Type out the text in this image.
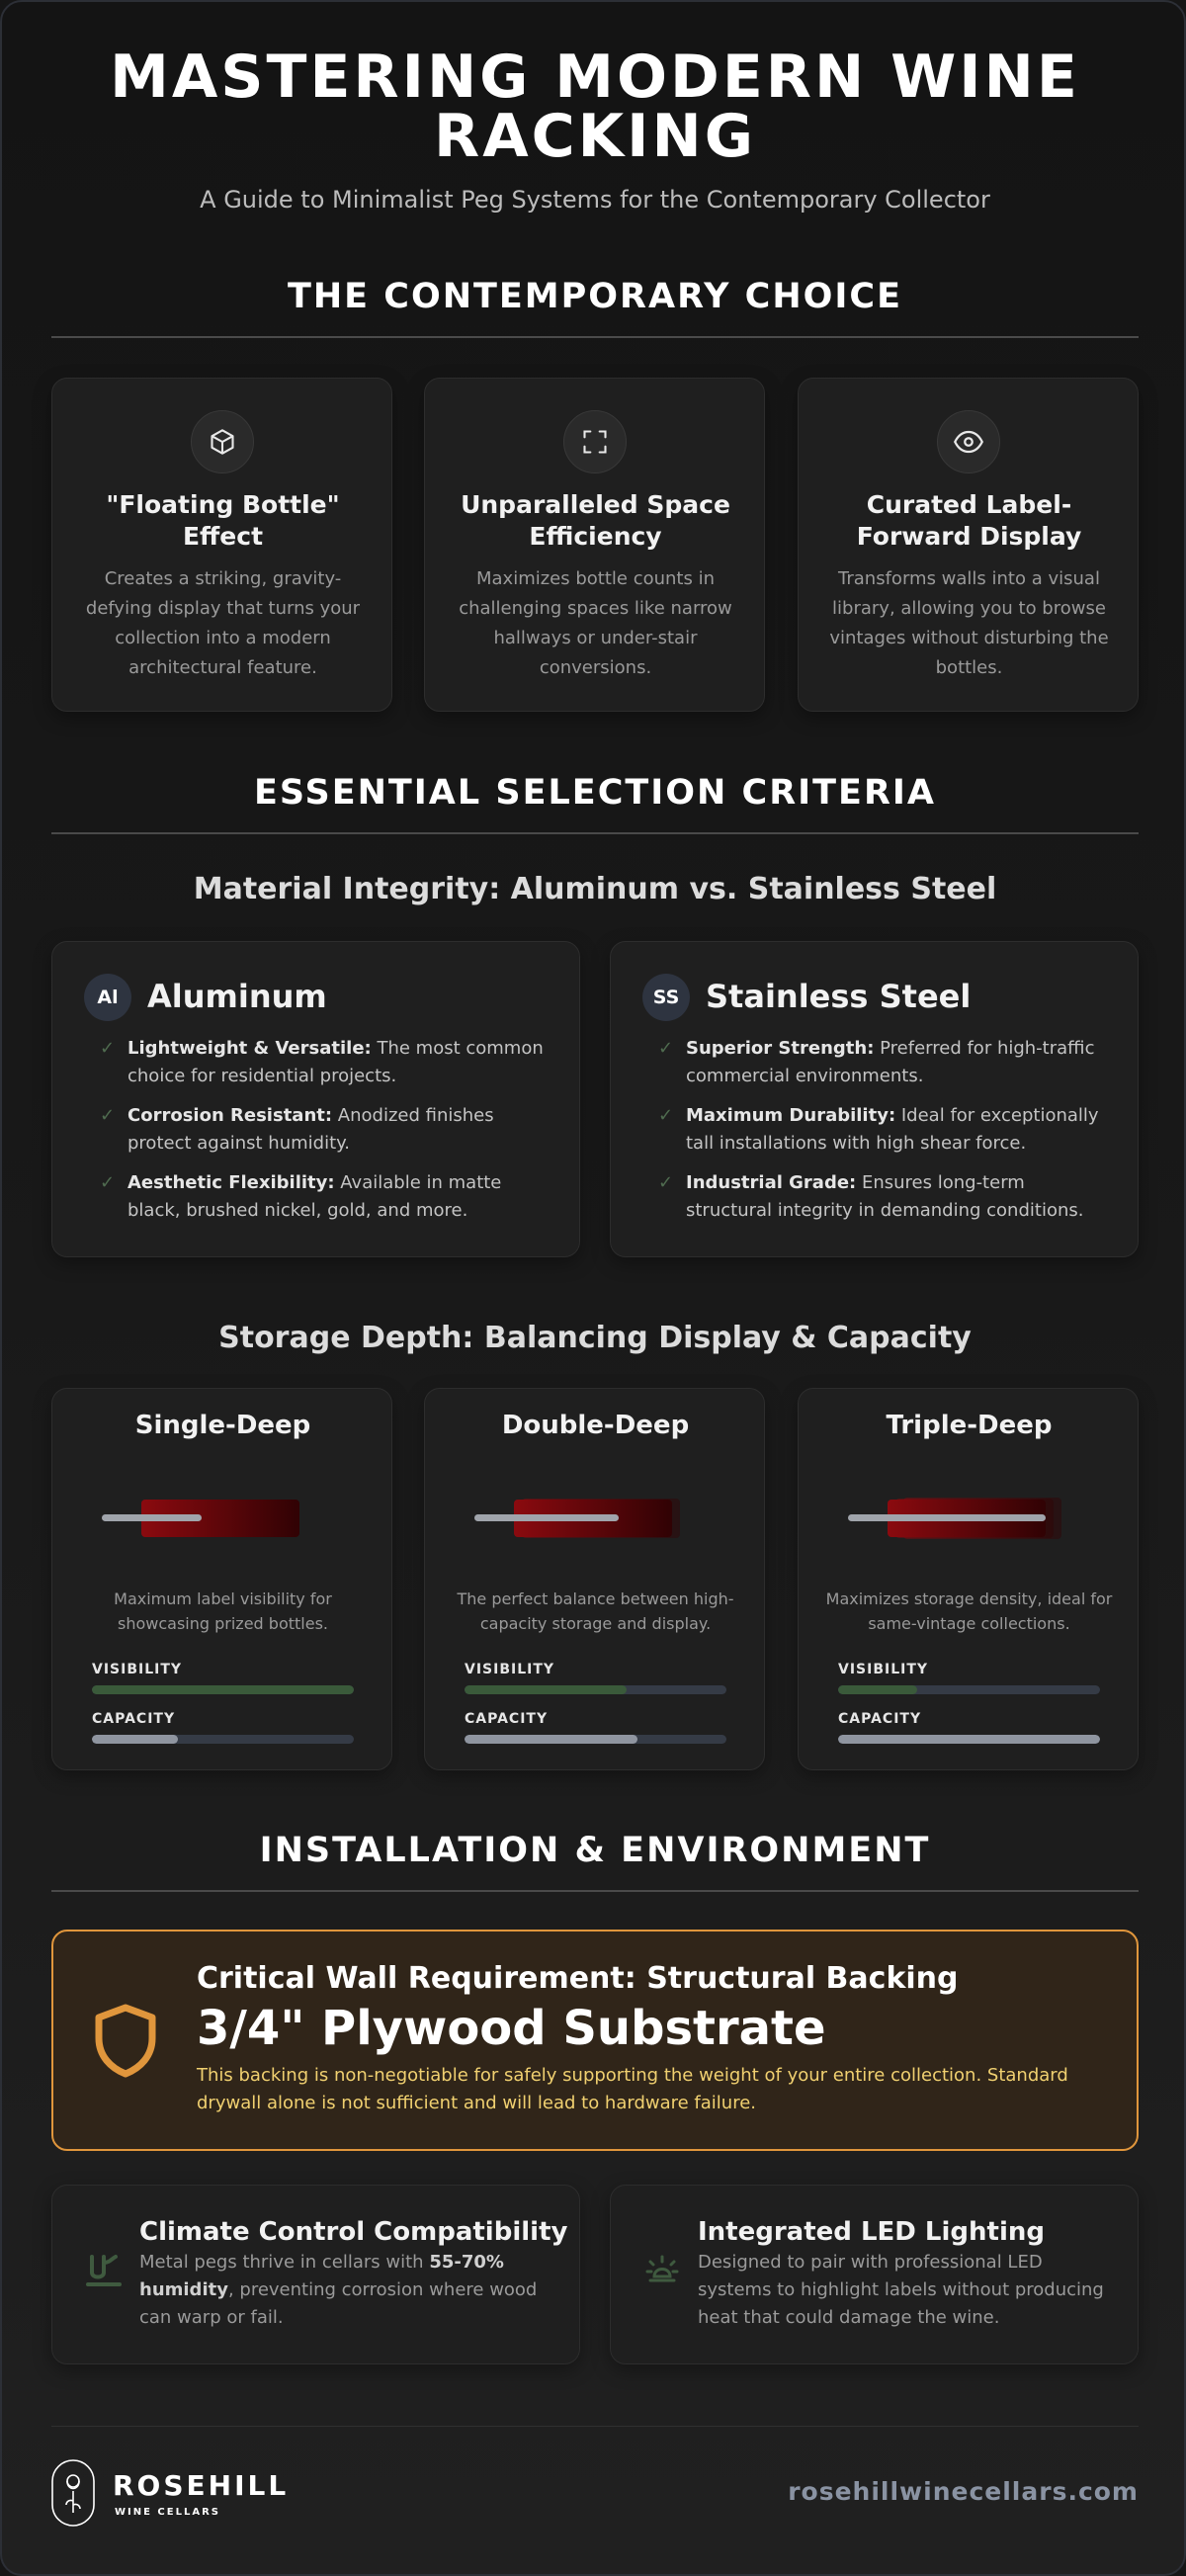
MASTERING MODERN WINE RACKING
A Guide to Minimalist Peg Systems for the Contemporary Collector
THE CONTEMPORARY CHOICE
"Floating Bottle" Effect
Creates a striking, gravity-defying display that turns your collection into a modern architectural feature.
Unparalleled Space Efficiency
Maximizes bottle counts in challenging spaces like narrow hallways or under-stair conversions.
Curated Label-Forward Display
Transforms walls into a visual library, allowing you to browse vintages without disturbing the bottles.
ESSENTIAL SELECTION CRITERIA
Material Integrity: Aluminum vs. Stainless Steel
Al Aluminum
✓ Lightweight & Versatile: The most common choice for residential projects.
✓ Corrosion Resistant: Anodized finishes protect against humidity.
✓ Aesthetic Flexibility: Available in matte black, brushed nickel, gold, and more.
SS Stainless Steel
✓ Superior Strength: Preferred for high-traffic commercial environments.
✓ Maximum Durability: Ideal for exceptionally tall installations with high shear force.
✓ Industrial Grade: Ensures long-term structural integrity in demanding conditions.
Storage Depth: Balancing Display & Capacity
Single-Deep
Maximum label visibility for showcasing prized bottles.
VISIBILITY
CAPACITY
Double-Deep
The perfect balance between high-capacity storage and display.
VISIBILITY
CAPACITY
Triple-Deep
Maximizes storage density, ideal for same-vintage collections.
VISIBILITY
CAPACITY
INSTALLATION & ENVIRONMENT
Critical Wall Requirement: Structural Backing
3/4" Plywood Substrate
This backing is non-negotiable for safely supporting the weight of your entire collection. Standard drywall alone is not sufficient and will lead to hardware failure.
Climate Control Compatibility
Metal pegs thrive in cellars with 55-70% humidity, preventing corrosion where wood can warp or fail.
Integrated LED Lighting
Designed to pair with professional LED systems to highlight labels without producing heat that could damage the wine.
ROSEHILL
WINE CELLARS
rosehillwinecellars.com
